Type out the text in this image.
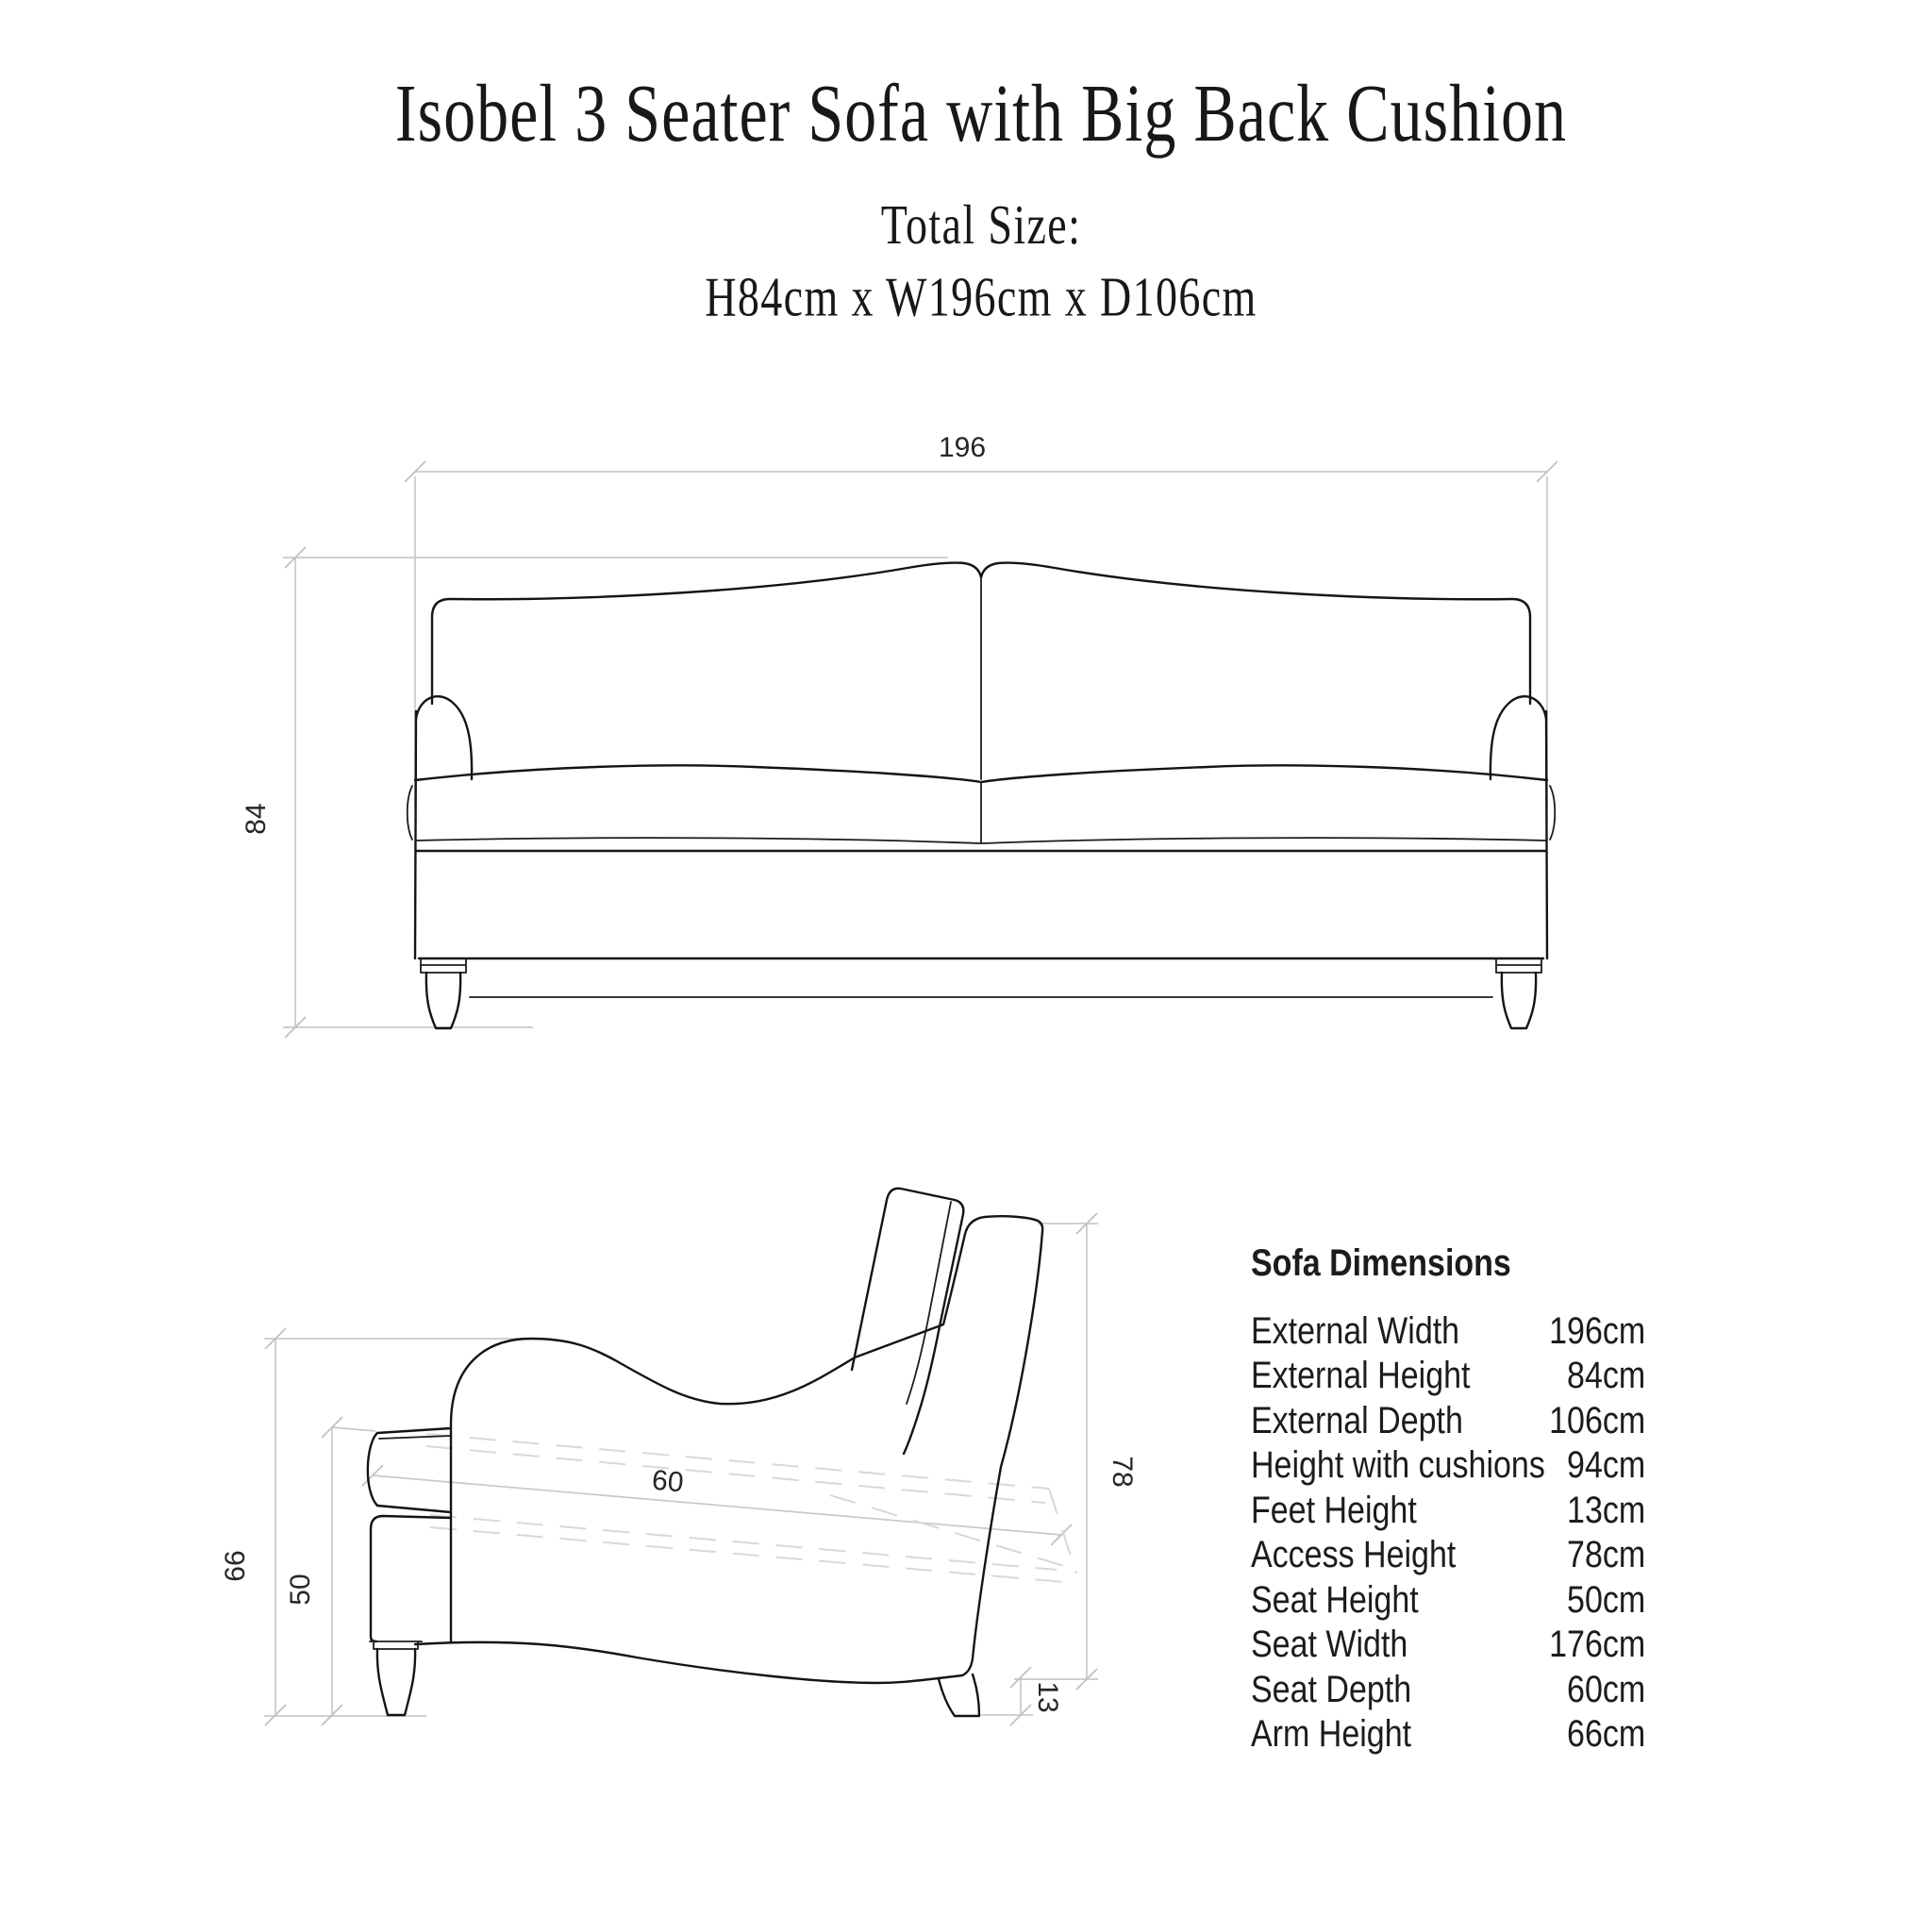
Isobel 3 Seater Sofa with Big Back Cushion
Total Size:
H84cm x W196cm x D106cm
196
84
66
50
60	78
13
Sofa Dimensions
External Width 196cm
External Height	84cm
External Depth 106cm
Height with cushions 94cm
Feet Height	13cm
Access Height	78cm
Seat Height	50cm
Seat Width	176cm
Seat Depth	60cm
Arm Height	66cm
